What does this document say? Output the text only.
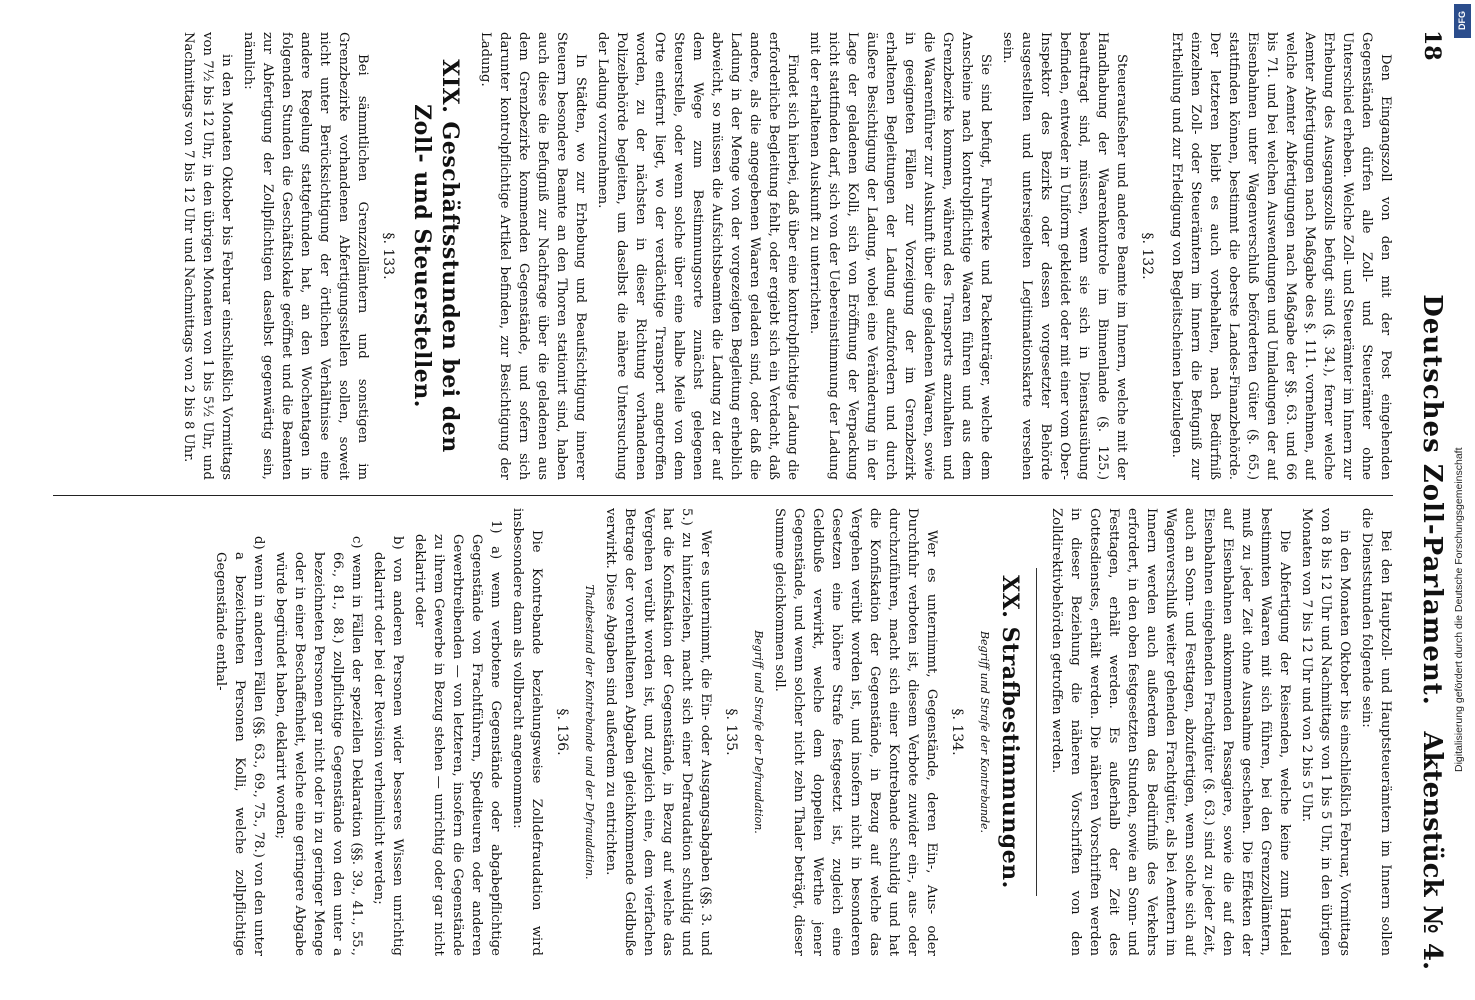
18
Deutsches Zoll-Parlament.
Aktenstück № 4.

Den Eingangszoll von den mit der Post eingehenden Gegenständen dürfen alle Zoll- und Steuerämter ohne Unterschied erheben. Welche Zoll- und Steuerämter im Innern zur Erhebung des Ausgangszolls befugt sind (§. 34.), ferner welche Aemter Abfertigungen nach Maßgabe des §. 111. vornehmen, auf welche Aemter Abfertigungen nach Maßgabe der §§. 63. und 66 bis 71. und bei welchen Auswendungen und Umladungen der auf Eisenbahnen unter Wagenverschluß beförderten Güter (§. 65.) stattfinden können, bestimmt die oberste Landes-Finanzbehörde. Der letzteren bleibt es auch vorbehalten, nach Bedürfniß einzelnen Zoll- oder Steuerämtern im Innern die Befugniß zur Ertheilung und zur Erledigung von Begleitscheinen beizulegen.

§. 132.

Steueraufseher und andere Beamte im Innern, welche mit der Handhabung der Waarenkontrole im Binnenlande (§. 125.) beauftragt sind, müssen, wenn sie sich in Dienstausübung befinden, entweder in Uniform gekleidet oder mit einer vom Ober-Inspektor des Bezirks oder dessen vorgesetzter Behörde ausgestellten und untersiegelten Legitimationskarte versehen sein.

Sie sind befugt, Fuhrwerke und Packenträger, welche dem Anscheine nach kontrolpflichtige Waaren führen und aus dem Grenzbezirke kommen, während des Transports anzuhalten und die Waarenführer zur Auskunft über die geladenen Waaren, sowie in geeigneten Fällen zur Vorzeigung der im Grenzbezirk erhaltenen Begleitungen der Ladung aufzufordern und durch äußere Besichtigung der Ladung, wobei eine Veränderung in der Lage der geladenen Kolli, sich von Eröffnung der Verpackung nicht stattfinden darf, sich von der Uebereinstimmung der Ladung mit der erhaltenen Auskunft zu unterrichten.

Findet sich hierbei, daß über eine kontrolpflichtige Ladung die erforderliche Begleitung fehlt, oder ergiebt sich ein Verdacht, daß andere, als die angegebenen Waaren geladen sind, oder daß die Ladung in der Menge von der vorgezeigten Begleitung erheblich abweicht, so müssen die Aufsichtsbeamten die Ladung zu der auf dem Wege zum Bestimmungsorte zunächst gelegenen Steuerstelle, oder wenn solche über eine halbe Meile von dem Orte entfernt liegt, wo der verdächtige Transport angetroffen worden, zu der nächsten in dieser Richtung vorhandenen Polizeibehörde begleiten, um daselbst die nähere Untersuchung der Ladung vorzunehmen.

In Städten, wo zur Erhebung und Beaufsichtigung innerer Steuern besondere Beamte an den Thoren stationirt sind, haben auch diese die Befugniß zur Nachfrage über die geladenen aus dem Grenzbezirke kommenden Gegenstände, und sofern sich darunter kontrolpflichtige Artikel befinden, zur Besichtigung der Ladung.

XIX. Geschäftsstunden bei den Zoll- und Steuerstellen.
§. 133.

Bei sämmtlichen Grenzzollämtern und sonstigen im Grenzbezirke vorhandenen Abfertigungsstellen sollen, soweit nicht unter Berücksichtigung der örtlichen Verhältnisse eine andere Regelung stattgefunden hat, an den Wochentagen in folgenden Stunden die Geschäftslokale geöffnet und die Beamten zur Abfertigung der Zollpflichtigen daselbst gegenwärtig sein, nämlich:

in den Monaten Oktober bis Februar einschließlich Vormittags von 7½ bis 12 Uhr, in den übrigen Monaten von 1 bis 5½ Uhr, und Nachmittags von 7 bis 12 Uhr und Nachmittags von 2 bis 8 Uhr.

Bei den Hauptzoll- und Hauptsteuerämtern im Innern sollen die Dienststunden folgende sein:

in den Monaten Oktober bis einschließlich Februar, Vormittags von 8 bis 12 Uhr und Nachmittags von 1 bis 5 Uhr, in den übrigen Monaten von 7 bis 12 Uhr und von 2 bis 5 Uhr.

Die Abfertigung der Reisenden, welche keine zum Handel bestimmten Waaren mit sich führen, bei den Grenzzollämtern, muß zu jeder Zeit ohne Ausnahme geschehen. Die Effekten der auf Eisenbahnen ankommenden Passagiere, sowie die auf den Eisenbahnen eingehenden Frachtgüter (§. 63.) sind zu jeder Zeit, auch an Sonn- und Festtagen, abzufertigen, wenn solche sich auf Wagenverschluß weiter gehenden Frachtgüter, als bei Aemtern im Innern werden auch außerdem das Bedürfniß des Verkehrs erfordert, in den oben festgesetzten Stunden, sowie an Sonn- und Festtagen, erhält werden. Es außerhalb der Zeit des Gottesdienstes, erhält werden. Die näheren Vorschriften werden in dieser Beziehung die näheren Vorschriften von den Zolldirektivbehörden getroffen werden.

XX. Strafbestimmungen.
Begriff und Strafe der Kontrebande.
§. 134.

Wer es unternimmt, Gegenstände, deren Ein-, Aus- oder Durchfuhr verboten ist, diesem Verbote zuwider ein-, aus- oder durchzuführen, macht sich einer Kontrebande schuldig und hat die Konfiskation der Gegenstände, in Bezug auf welche das Vergehen verübt worden ist, und insofern nicht in besonderen Gesetzen eine höhere Strafe festgesetzt ist, zugleich eine Geldbuße verwirkt, welche dem doppelten Werthe jener Gegenstände, und wenn solcher nicht zehn Thaler beträgt, dieser Summe gleichkommen soll.

Begriff und Strafe der Defraudation.
§. 135.

Wer es unternimmt, die Ein- oder Ausgangsabgaben (§§. 3. und 5.) zu hinterziehen, macht sich einer Defraudation schuldig und hat die Konfiskation der Gegenstände, in Bezug auf welche das Vergehen verübt worden ist, und zugleich eine, dem vierfachen Betrage der vorenthaltenen Abgaben gleichkommende Geldbuße verwirkt. Diese Abgaben sind außerdem zu entrichten.

Thatbestand der Kontrebande und der Defraudation.
§. 136.

Die Kontrebande beziehungsweise Zolldefraudation wird insbesondere dann als vollbracht angenommen:

1) a) wenn verbotene Gegenstände oder abgabepflichtige Gegenstände von Frachtführern, Spediteuren oder anderen Gewerbtreibenden — von letzteren, insofern die Gegenstände zu ihrem Gewerbe in Bezug stehen — unrichtig oder gar nicht deklarirt oder

b) von anderen Personen wider besseres Wissen unrichtig deklarirt oder bei der Revision verheimlicht werden;

c) wenn in Fällen der speziellen Deklaration (§§. 39., 41., 55., 66., 81., 88.) zollpflichtige Gegenstände von den unter a bezeichneten Personen gar nicht oder in zu geringer Menge oder in einer Beschaffenheit, welche eine geringere Abgabe würde begründet haben, deklarirt worden;

d) wenn in anderen Fällen (§§. 63., 69., 75., 78.) von den unter a bezeichneten Personen Kolli, welche zollpflichtige Gegenstände enthal-

DFG
Digitalisierung gefördert durch die Deutsche Forschungsgemeinschaft
